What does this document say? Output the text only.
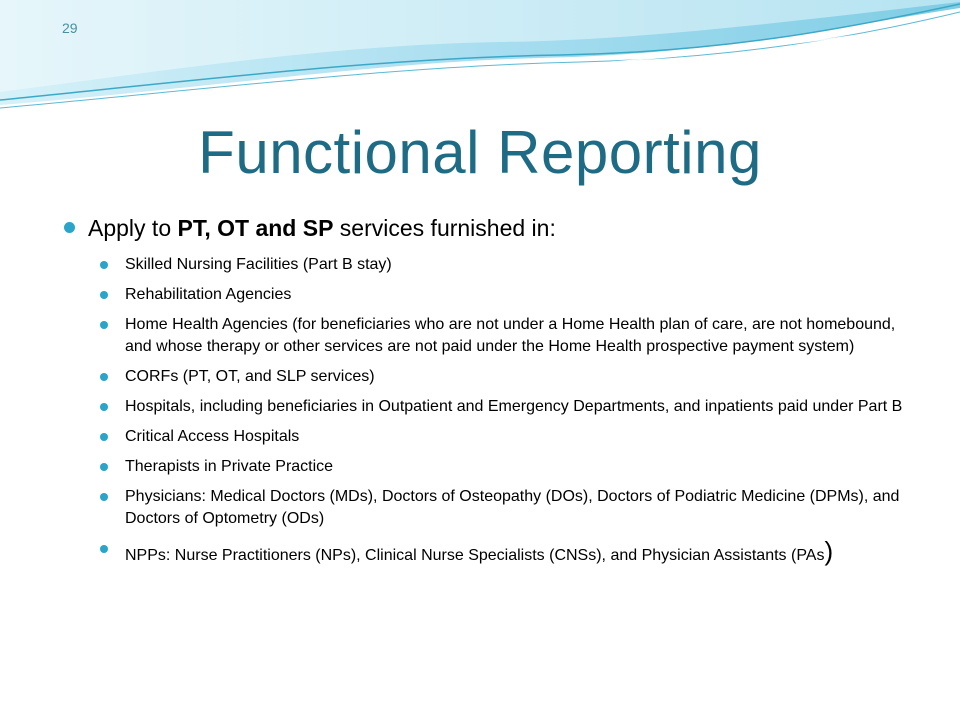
29
Functional Reporting
Apply to PT, OT and SP services furnished in:
Skilled Nursing Facilities (Part B stay)
Rehabilitation Agencies
Home Health Agencies (for beneficiaries who are not under a Home Health plan of care, are not homebound, and whose therapy or other services are not paid under the Home Health prospective payment system)
CORFs (PT, OT, and SLP services)
Hospitals, including beneficiaries in Outpatient and Emergency Departments, and inpatients paid under Part B
Critical Access Hospitals
Therapists in Private Practice
Physicians: Medical Doctors (MDs), Doctors of Osteopathy (DOs), Doctors of Podiatric Medicine (DPMs), and Doctors of Optometry (ODs)
NPPs: Nurse Practitioners (NPs), Clinical Nurse Specialists (CNSs), and Physician Assistants (PAs)
